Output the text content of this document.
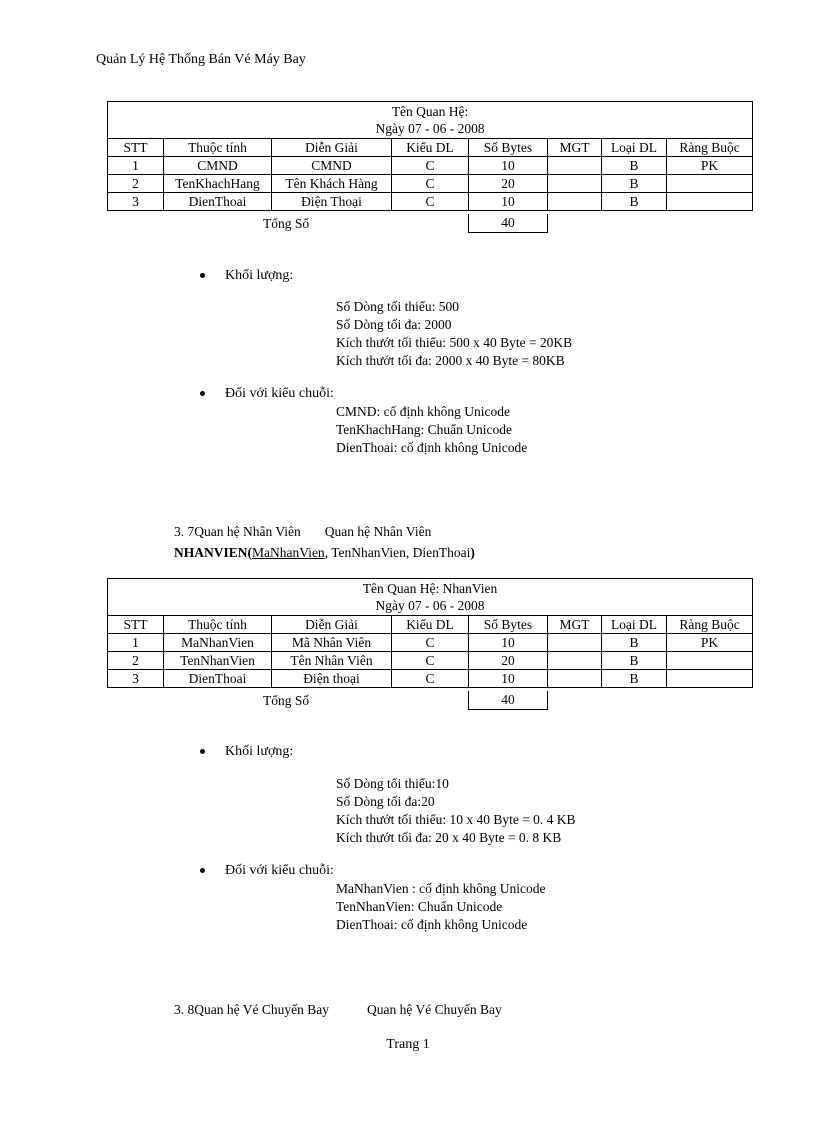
Quản Lý Hệ Thống Bán Vé Máy Bay
Tên Quan Hệ:
Ngày 07 - 06 - 2008							

STT	Thuộc tính	Diễn Giải	Kiểu DL	Số Bytes	MGT	Loại DL	Ràng Buộc
1	CMND	CMND	C	10		B	PK
2	TenKhachHang	Tên Khách Hàng	C	20		B	
3	DienThoai	Điện Thoại	C	10		B	
Tổng Số	40
Khối lượng:
Số Dòng tối thiểu: 500
Số Dòng tối đa: 2000
Kích thướt tối thiểu: 500 x 40 Byte = 20KB
Kích thướt tối đa: 2000 x 40 Byte = 80KB
Đối với kiểu chuỗi:
CMND: cố định không Unicode
TenKhachHang: Chuẩn Unicode
DienThoai: cố định không Unicode
3. 7Quan hệ Nhân Viên Quan hệ Nhân Viên
NHANVIEN(MaNhanVien, TenNhanVien, DienThoai)
Tên Quan Hệ: NhanVien
Ngày 07 - 06 - 2008							

STT	Thuộc tính	Diễn Giải	Kiểu DL	Số Bytes	MGT	Loại DL	Ràng Buộc
1	MaNhanVien	Mã Nhân Viên	C	10		B	PK
2	TenNhanVien	Tên Nhân Viên	C	20		B	
3	DienThoai	Điện thoại	C	10		B	
Tổng Số	40
Khối lượng:
Số Dòng tối thiểu:10
Số Dòng tối đa:20
Kích thướt tối thiểu: 10 x 40 Byte = 0. 4 KB
Kích thướt tối đa: 20 x 40 Byte = 0. 8 KB
Đối với kiểu chuỗi:
MaNhanVien : cố định không Unicode
TenNhanVien: Chuẩn Unicode
DienThoai: cố định không Unicode
3. 8Quan hệ Vé Chuyến Bay	Quan hệ Vé Chuyến Bay
Trang 1
